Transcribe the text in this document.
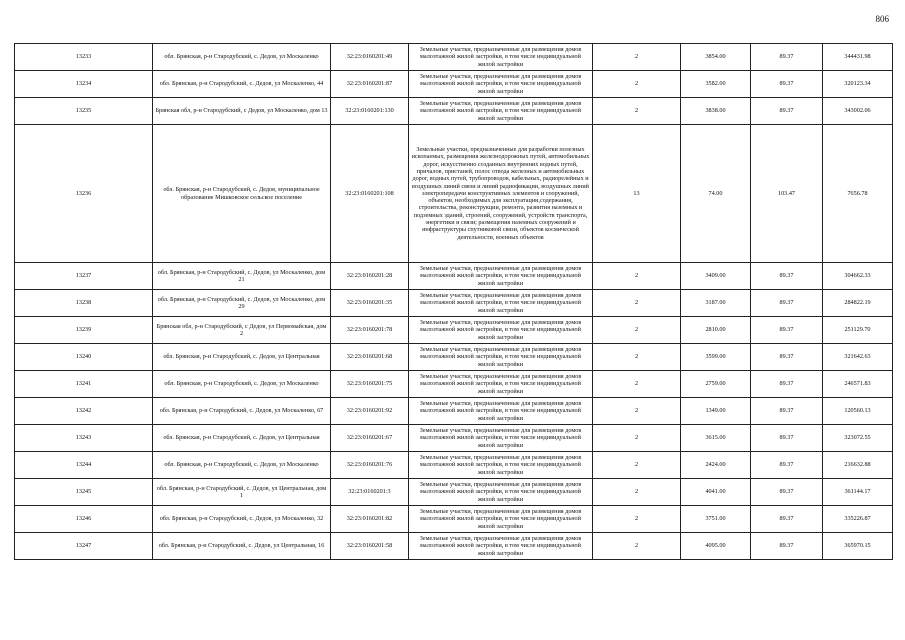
806
13233	обл. Брянская, р-н Стародубский, с. Дедов, ул Москаленко	32:23:0160201:49	Земельные участки, предназначенные для размещения домов малоэтажной жилой застройки, в том числе индивидуальной жилой застройки	2	3854.00	89.37	344431.98
13234	обл. Брянская, р-н Стародубский, с. Дедов, ул Москаленко, 44	32:23:0160201:87	Земельные участки, предназначенные для размещения домов малоэтажной жилой застройки, в том числе индивидуальной жилой застройки	2	3582.00	89.37	320123.34
13235	Брянская обл, р-н Стародубский, с Дедов, ул Москаленко, дом 13	32:23:0160201:130	Земельные участки, предназначенные для размещения домов малоэтажной жилой застройки, в том числе индивидуальной жилой застройки	2	3838.00	89.37	343002.06
13236	обл. Брянская, р-н Стародубский, с. Дедов, муниципальное образование Мишковское сельское поселение	32:23:0160201:108	Земельные участки, предназначенные для разработки полезных ископаемых, размещения железнодорожных путей, автомобильных дорог, искусственно созданных внутренних водных путей, причалов, пристаней, полос отвода железных и автомобильных дорог, водных путей, трубопроводов, кабельных, радиорелейных и воздушных линий связи и линий радиофикации, воздушных линий электропередачи конструктивных элементов и сооружений, объектов, необходимых для эксплуатации,содержания, строительства, реконструкции, ремонта, развития наземных и подземных зданий, строений, сооружений, устройств транспорта, энергетики и связи; размещения наземных сооружений и инфраструктуры спутниковой связи, объектов космической деятельности, военных объектов	13	74.00	103.47	7656.78
13237	обл. Брянская, р-н Стародубский, с. Дедов, ул Москаленко, дом 21	32:23:0160201:28	Земельные участки, предназначенные для размещения домов малоэтажной жилой застройки, в том числе индивидуальной жилой застройки	2	3409.00	89.37	304662.33
13238	обл. Брянская, р-н Стародубский, с. Дедов, ул Москаленко, дом 29	32:23:0160201:35	Земельные участки, предназначенные для размещения домов малоэтажной жилой застройки, в том числе индивидуальной жилой застройки	2	3187.00	89.37	284822.19
13239	Брянская обл, р-н Стародубский, с Дедов, ул Первомайская, дом 2	32:23:0160201:78	Земельные участки, предназначенные для размещения домов малоэтажной жилой застройки, в том числе индивидуальной жилой застройки	2	2810.00	89.37	251129.70
13240	обл. Брянская, р-н Стародубский, с. Дедов, ул Центральная	32:23:0160201:68	Земельные участки, предназначенные для размещения домов малоэтажной жилой застройки, в том числе индивидуальной жилой застройки	2	3599.00	89.37	321642.63
13241	обл. Брянская, р-н Стародубский, с. Дедов, ул Москаленко	32:23:0160201:75	Земельные участки, предназначенные для размещения домов малоэтажной жилой застройки, в том числе индивидуальной жилой застройки	2	2759.00	89.37	246571.83
13242	обл. Брянская, р-н Стародубский, с. Дедов, ул Москаленко, 67	32:23:0160201:92	Земельные участки, предназначенные для размещения домов малоэтажной жилой застройки, в том числе индивидуальной жилой застройки	2	1349.00	89.37	120560.13
13243	обл. Брянская, р-н Стародубский, с. Дедов, ул Центральная	32:23:0160201:67	Земельные участки, предназначенные для размещения домов малоэтажной жилой застройки, в том числе индивидуальной жилой застройки	2	3615.00	89.37	323072.55
13244	обл. Брянская, р-н Стародубский, с. Дедов, ул Москаленко	32:23:0160201:76	Земельные участки, предназначенные для размещения домов малоэтажной жилой застройки, в том числе индивидуальной жилой застройки	2	2424.00	89.37	216632.88
13245	обл. Брянская, р-н Стародубский, с. Дедов, ул Центральная, дом 1	32:23:0160201:3	Земельные участки, предназначенные для размещения домов малоэтажной жилой застройки, в том числе индивидуальной жилой застройки	2	4041.00	89.37	361144.17
13246	обл. Брянская, р-н Стародубский, с. Дедов, ул Москаленко, 32	32:23:0160201:82	Земельные участки, предназначенные для размещения домов малоэтажной жилой застройки, в том числе индивидуальной жилой застройки	2	3751.00	89.37	335226.87
13247	обл. Брянская, р-н Стародубский, с. Дедов, ул Центральная, 16	32:23:0160201:58	Земельные участки, предназначенные для размещения домов малоэтажной жилой застройки, в том числе индивидуальной жилой застройки	2	4095.00	89.37	365970.15
